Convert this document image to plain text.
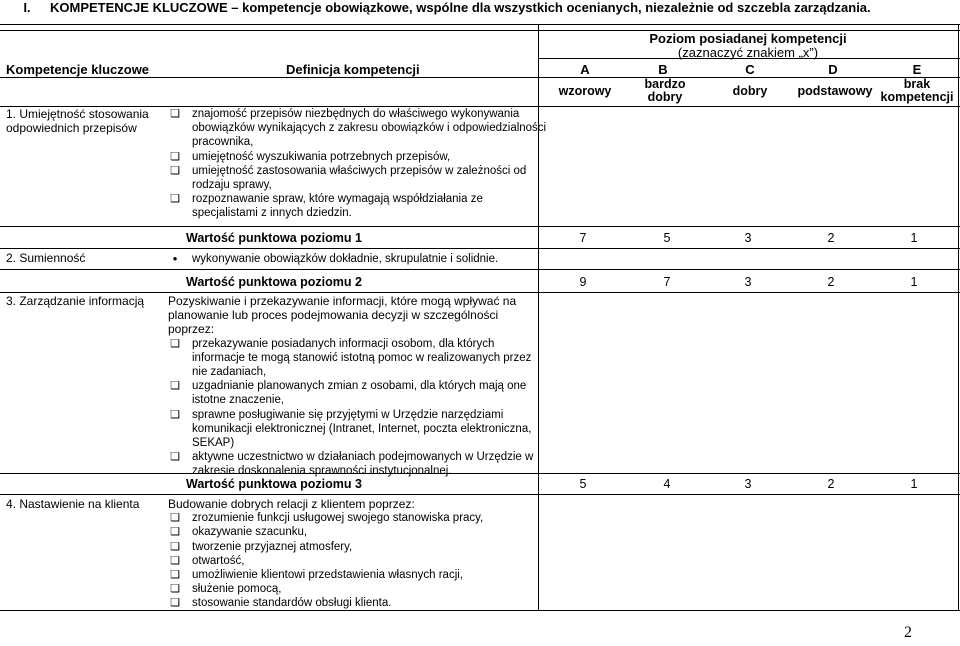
I. KOMPETENCJE KLUCZOWE – kompetencje obowiązkowe, wspólne dla wszystkich ocenianych, niezależnie od szczebla zarządzania.
Kompetencje kluczowe	Definicja kompetencji
Poziom posiadanej kompetencji
(zaznaczyć znakiem „x”)
A	B	C	D	E
wzorowy	bardzo dobry	dobry	podstawowy	brak kompetencji
1. Umiejętność stosowania odpowiednich przepisów
❏ znajomość przepisów niezbędnych do właściwego wykonywania obowiązków wynikających z zakresu obowiązków i odpowiedzialności pracownika,
❏ umiejętność wyszukiwania potrzebnych przepisów,
❏ umiejętność zastosowania właściwych przepisów w zależności od rodzaju sprawy,
❏ rozpoznawanie spraw, które wymagają współdziałania ze specjalistami z innych dziedzin.
Wartość punktowa poziomu 1	7	5	3	2	1
2. Sumienność	•	wykonywanie obowiązków dokładnie, skrupulatnie i solidnie.
Wartość punktowa poziomu 2	9	7	3	2	1
3. Zarządzanie informacją	Pozyskiwanie i przekazywanie informacji, które mogą wpływać na planowanie lub proces podejmowania decyzji w szczególności poprzez:
❏ przekazywanie posiadanych informacji osobom, dla których informacje te mogą stanowić istotną pomoc w realizowanych przez nie zadaniach,
❏ uzgadnianie planowanych zmian z osobami, dla których mają one istotne znaczenie,
❏ sprawne posługiwanie się przyjętymi w Urzędzie narzędziami komunikacji elektronicznej (Intranet, Internet, poczta elektroniczna, SEKAP)
❏ aktywne uczestnictwo w działaniach podejmowanych w Urzędzie w zakresie doskonalenia sprawności instytucjonalnej.
Wartość punktowa poziomu 3	5	4	3	2	1
4. Nastawienie na klienta	Budowanie dobrych relacji z klientem poprzez:
❏ zrozumienie funkcji usługowej swojego stanowiska pracy,
❏ okazywanie szacunku,
❏ tworzenie przyjaznej atmosfery,
❏ otwartość,
❏ umożliwienie klientowi przedstawienia własnych racji,
❏ służenie pomocą,
❏ stosowanie standardów obsługi klienta.
2
